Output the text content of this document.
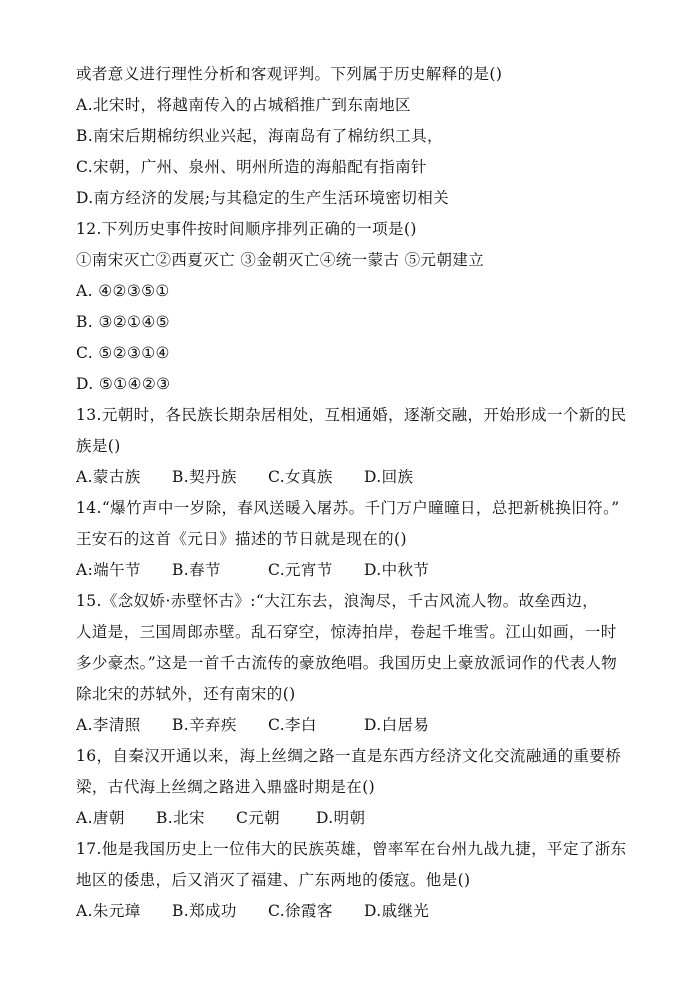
或者意义进行理性分析和客观评判。下列属于历史解释的是()
A.北宋时，将越南传入的占城稻推广到东南地区
B.南宋后期棉纺织业兴起，海南岛有了棉纺织工具，
C.宋朝，广州、泉州、明州所造的海船配有指南针
D.南方经济的发展;与其稳定的生产生活环境密切相关
12.下列历史事件按时间顺序排列正确的一项是()
①南宋灭亡②西夏灭亡 ③金朝灭亡④统一蒙古 ⑤元朝建立
A. ④②③⑤①
B. ③②①④⑤
C. ⑤②③①④
D. ⑤①④②③
13.元朝时，各民族长期杂居相处，互相通婚，逐渐交融，开始形成一个新的民
族是()
A.蒙古族	B.契丹族	C.女真族	D.回族
14.“爆竹声中一岁除，春风送暖入屠苏。千门万户曈曈日，总把新桃换旧符。”
王安石的这首《元日》描述的节日就是现在的()
A:端午节	B.春节	C.元宵节	D.中秋节
15.《念奴娇·赤壁怀古》:“大江东去，浪淘尽，千古风流人物。故垒西边，
人道是，三国周郎赤壁。乱石穿空，惊涛拍岸，卷起千堆雪。江山如画，一时
多少豪杰。”这是一首千古流传的豪放绝唱。我国历史上豪放派词作的代表人物
除北宋的苏轼外，还有南宋的()
A.李清照	B.辛弃疾	C.李白	D.白居易
16，自秦汉开通以来，海上丝绸之路一直是东西方经济文化交流融通的重要桥
梁，古代海上丝绸之路进入鼎盛时期是在()
A.唐朝	B.北宋	C元朝	D.明朝
17.他是我国历史上一位伟大的民族英雄，曾率军在台州九战九捷，平定了浙东
地区的倭患，后又消灭了福建、广东两地的倭寇。他是()
A.朱元璋	B.郑成功	C.徐霞客	D.戚继光
